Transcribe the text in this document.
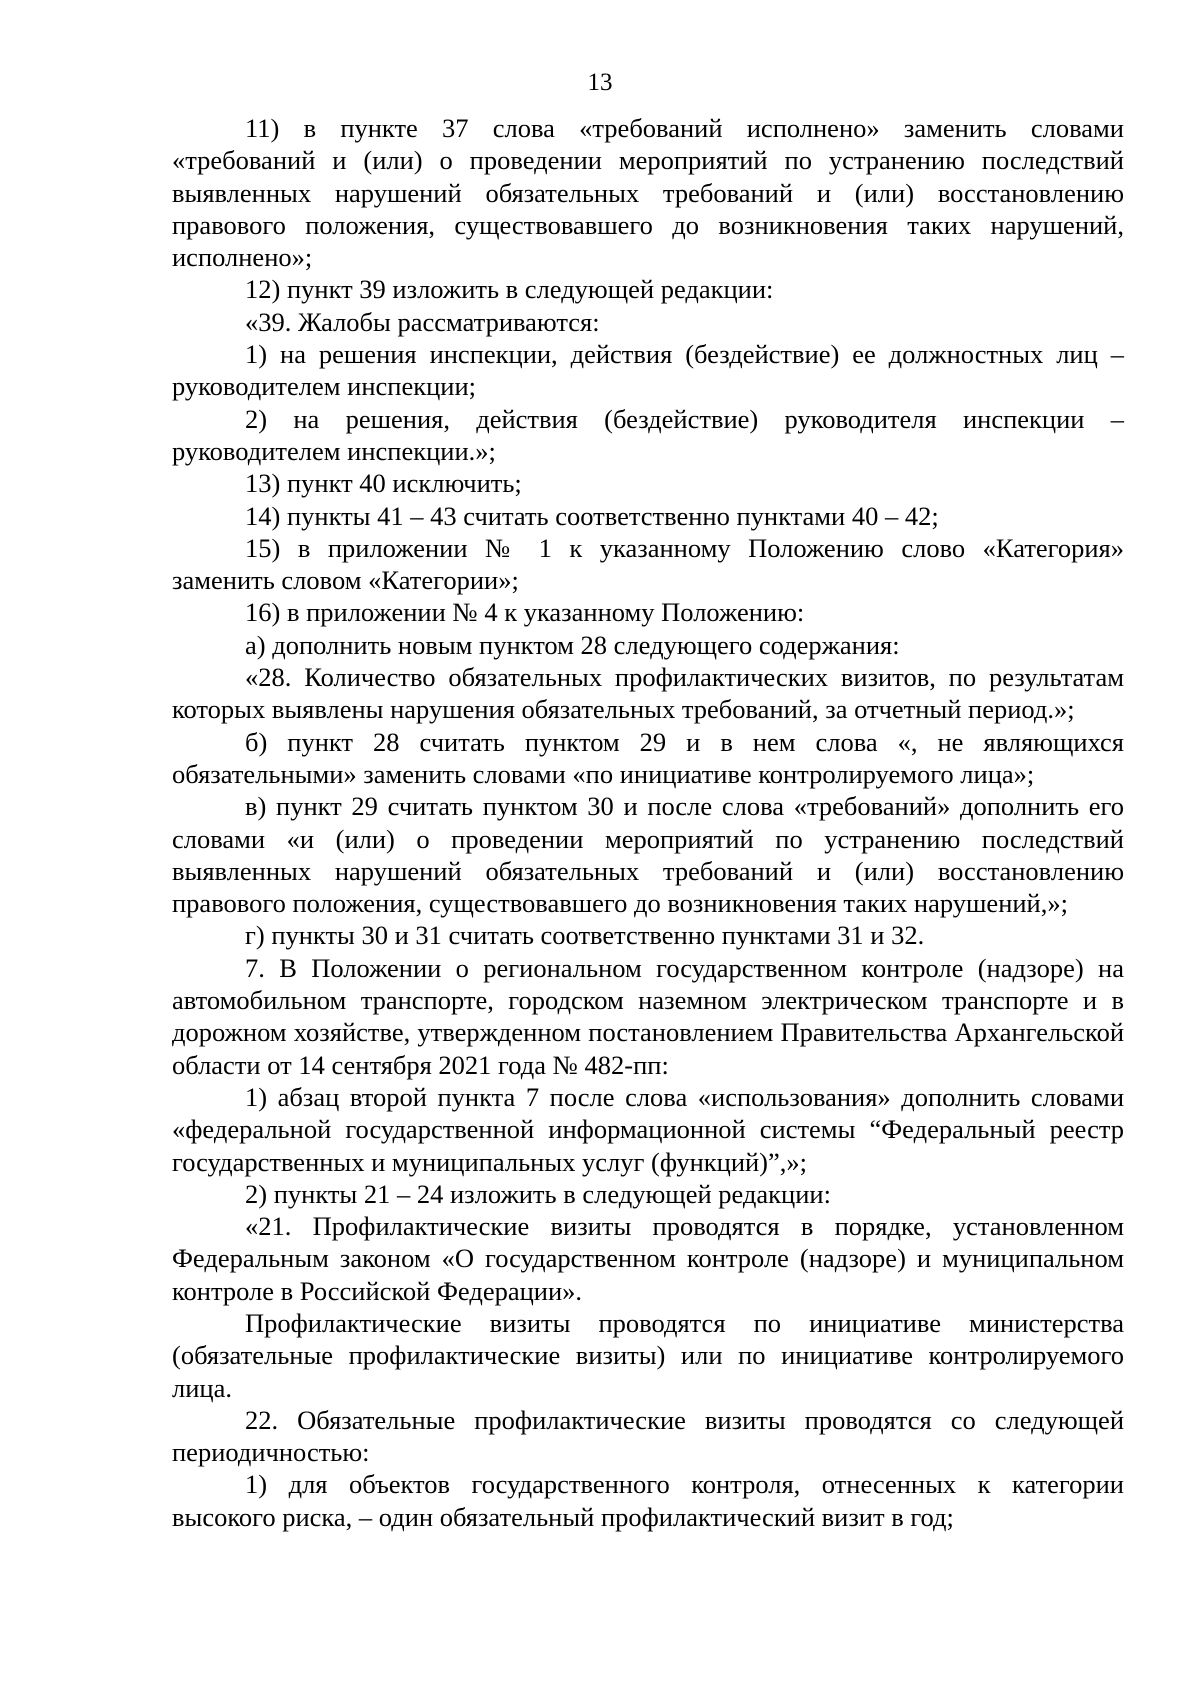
13

11) в пункте 37 слова «требований исполнено» заменить словами «требований и (или) о проведении мероприятий по устранению последствий выявленных нарушений обязательных требований и (или) восстановлению правового положения, существовавшего до возникновения таких нарушений, исполнено»;

12) пункт 39 изложить в следующей редакции:

«39. Жалобы рассматриваются:

1) на решения инспекции, действия (бездействие) ее должностных лиц – руководителем инспекции;

2) на решения, действия (бездействие) руководителя инспекции – руководителем инспекции.»;

13) пункт 40 исключить;

14) пункты 41 – 43 считать соответственно пунктами 40 – 42;

15) в приложении № 1 к указанному Положению слово «Категория» заменить словом «Категории»;

16) в приложении № 4 к указанному Положению:

а) дополнить новым пунктом 28 следующего содержания:

«28. Количество обязательных профилактических визитов, по результатам которых выявлены нарушения обязательных требований, за отчетный период.»;

б) пункт 28 считать пунктом 29 и в нем слова «, не являющихся обязательными» заменить словами «по инициативе контролируемого лица»;

в) пункт 29 считать пунктом 30 и после слова «требований» дополнить его словами «и (или) о проведении мероприятий по устранению последствий выявленных нарушений обязательных требований и (или) восстановлению правового положения, существовавшего до возникновения таких нарушений,»;

г) пункты 30 и 31 считать соответственно пунктами 31 и 32.

7. В Положении о региональном государственном контроле (надзоре) на автомобильном транспорте, городском наземном электрическом транспорте и в дорожном хозяйстве, утвержденном постановлением Правительства Архангельской области от 14 сентября 2021 года № 482-пп:

1) абзац второй пункта 7 после слова «использования» дополнить словами «федеральной государственной информационной системы “Федеральный реестр государственных и муниципальных услуг (функций)”,»;

2) пункты 21 – 24 изложить в следующей редакции:

«21. Профилактические визиты проводятся в порядке, установленном Федеральным законом «О государственном контроле (надзоре) и муниципальном контроле в Российской Федерации».

Профилактические визиты проводятся по инициативе министерства (обязательные профилактические визиты) или по инициативе контролируемого лица.

22. Обязательные профилактические визиты проводятся со следующей периодичностью:

1) для объектов государственного контроля, отнесенных к категории высокого риска, – один обязательный профилактический визит в год;
